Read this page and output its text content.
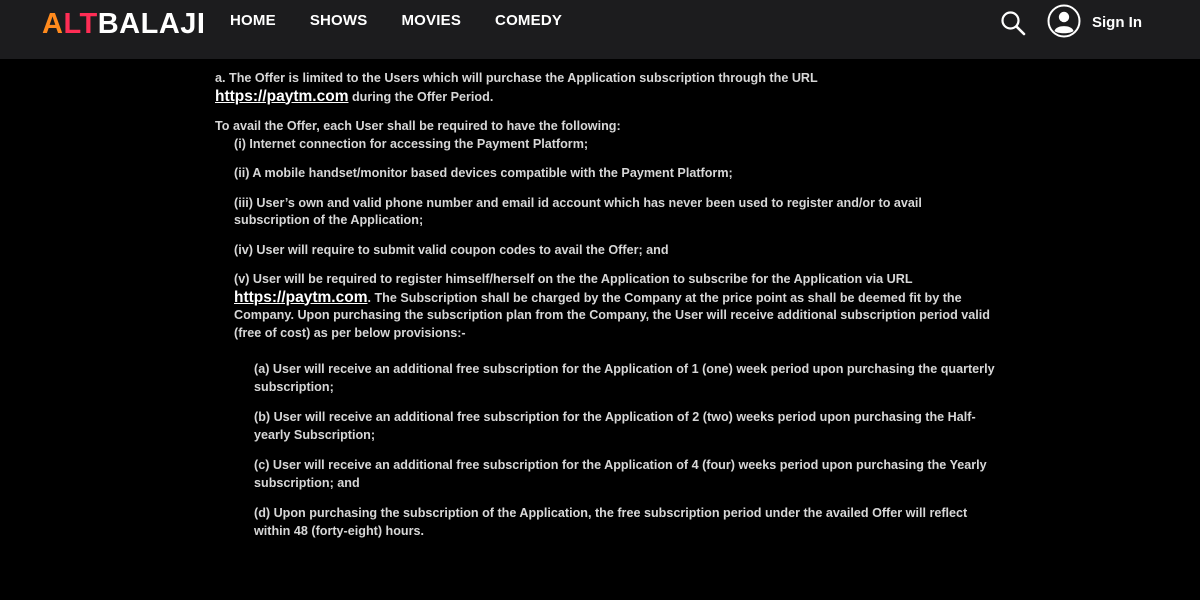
ALTBALAJI HOME SHOWS MOVIES COMEDY	Sign In

a. The Offer is limited to the Users which will purchase the Application subscription through the URL
https://paytm.com during the Offer Period.

To avail the Offer, each User shall be required to have the following:

(i) Internet connection for accessing the Payment Platform;

(ii) A mobile handset/monitor based devices compatible with the Payment Platform;

(iii) User’s own and valid phone number and email id account which has never been used to register and/or to avail subscription of the Application;

(iv) User will require to submit valid coupon codes to avail the Offer; and

(v) User will be required to register himself/herself on the the Application to subscribe for the Application via URL
https://paytm.com. The Subscription shall be charged by the Company at the price point as shall be deemed fit by the Company. Upon purchasing the subscription plan from the Company, the User will receive additional subscription period valid (free of cost) as per below provisions:-

(a) User will receive an additional free subscription for the Application of 1 (one) week period upon purchasing the quarterly subscription;

(b) User will receive an additional free subscription for the Application of 2 (two) weeks period upon purchasing the Half-yearly Subscription;

(c) User will receive an additional free subscription for the Application of 4 (four) weeks period upon purchasing the Yearly subscription; and

(d) Upon purchasing the subscription of the Application, the free subscription period under the availed Offer will reflect within 48 (forty-eight) hours.
